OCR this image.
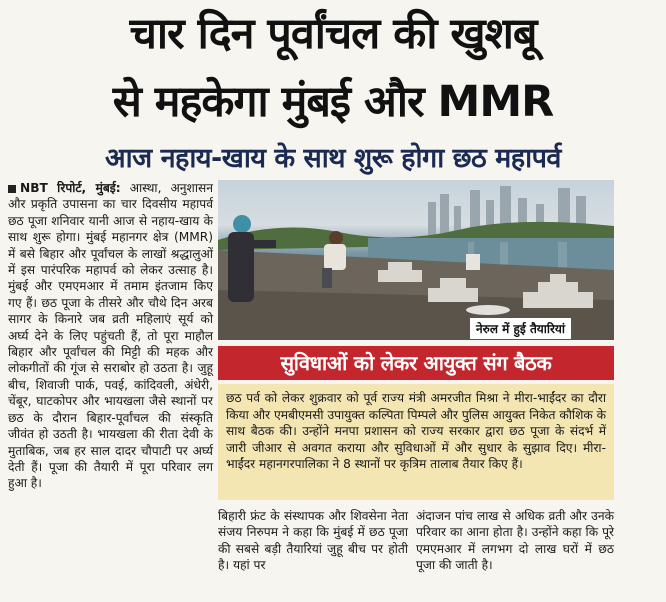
चार दिन पूर्वांचल की खुशबू
से महकेगा मुंबई और MMR
आज नहाय-खाय के साथ शुरू होगा छठ महापर्व
NBT रिपोर्ट, मुंबई: आस्था, अनुशासन और प्रकृति उपासना का चार दिवसीय महापर्व छठ पूजा शनिवार यानी आज से नहाय-खाय के साथ शुरू होगा। मुंबई महानगर क्षेत्र (MMR) में बसे बिहार और पूर्वांचल के लाखों श्रद्धालुओं में इस पारंपरिक महापर्व को लेकर उत्साह है। मुंबई और एमएमआर में तमाम इंतजाम किए गए हैं। छठ पूजा के तीसरे और चौथे दिन अरब सागर के किनारे जब व्रती महिलाएं सूर्य को अर्घ्य देने के लिए पहुंचती हैं, तो पूरा माहौल बिहार और पूर्वांचल की मिट्टी की महक और लोकगीतों की गूंज से सराबोर हो उठता है। जुहू बीच, शिवाजी पार्क, पवई, कांदिवली, अंधेरी, चेंबूर, घाटकोपर और भायखला जैसे स्थानों पर छठ के दौरान बिहार-पूर्वांचल की संस्कृति जीवंत हो उठती है। भायखला की रीता देवी के मुताबिक, जब हर साल दादर चौपाटी पर अर्घ्य देती हैं। पूजा की तैयारी में पूरा परिवार लग हुआ है।
नेरुल में हुई तैयारियां
सुविधाओं को लेकर आयुक्त संग बैठक
छठ पर्व को लेकर शुक्रवार को पूर्व राज्य मंत्री अमरजीत मिश्रा ने मीरा-भाईंदर का दौरा किया और एमबीएमसी उपायुक्त कल्पिता पिम्पले और पुलिस आयुक्त निकेत कौशिक के साथ बैठक की। उन्होंने मनपा प्रशासन को राज्य सरकार द्वारा छठ पूजा के संदर्भ में जारी जीआर से अवगत कराया और सुविधाओं में और सुधार के सुझाव दिए। मीरा-भाईंदर महानगरपालिका ने 8 स्थानों पर कृत्रिम तालाब तैयार किए हैं।
बिहारी फ्रंट के संस्थापक और शिवसेना नेता संजय निरुपम ने कहा कि मुंबई में छठ पूजा की सबसे बड़ी तैयारियां जुहू बीच पर होती है। यहां पर
अंदाजन पांच लाख से अधिक व्रती और उनके परिवार का आना होता है। उन्होंने कहा कि पूरे एमएमआर में लगभग दो लाख घरों में छठ पूजा की जाती है।
